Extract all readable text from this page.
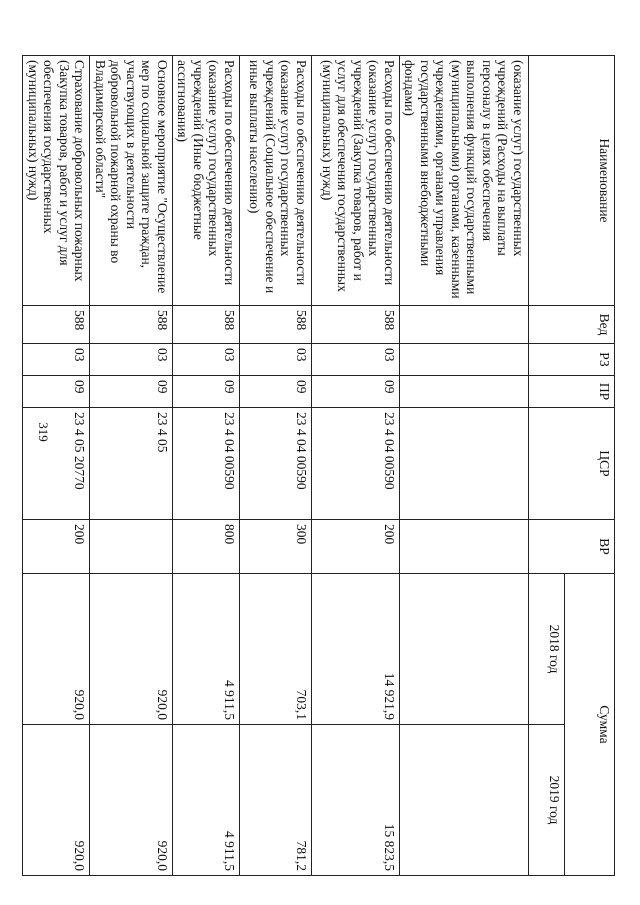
319
Наименование	Вед	РЗ	ПР	ЦСР	ВР	Сумма	
						2018 год	2019 год
(оказание услуг) государственных учреждений (Расходы на выплаты персоналу в целях обеспечения выполнения функций государственными (муниципальными) органами, казенными учреждениями, органами управления государственными внебюджетными фондами)							
Расходы по обеспечению деятельности (оказание услуг) государственных учреждений (Закупка товаров, работ и услуг для обеспечения государственных (муниципальных) нужд)	588	03	09	23 4 04 00590	200	14 921,9	15 823,5
Расходы по обеспечению деятельности (оказание услуг) государственных учреждений (Социальное обеспечение и иные выплаты населению)	588	03	09	23 4 04 00590	300	703,1	781,2
Расходы по обеспечению деятельности (оказание услуг) государственных учреждений (Иные бюджетные ассигнования)	588	03	09	23 4 04 00590	800	4 911,5	4 911,5
Основное мероприятие "Осуществление мер по социальной защите граждан, участвующих в деятельности добровольной пожарной охраны во Владимирской области"	588	03	09	23 4 05		920,0	920,0
Страхование добровольных пожарных (Закупка товаров, работ и услуг для обеспечения государственных (муниципальных) нужд)	588	03	09	23 4 05 20770	200	920,0	920,0
